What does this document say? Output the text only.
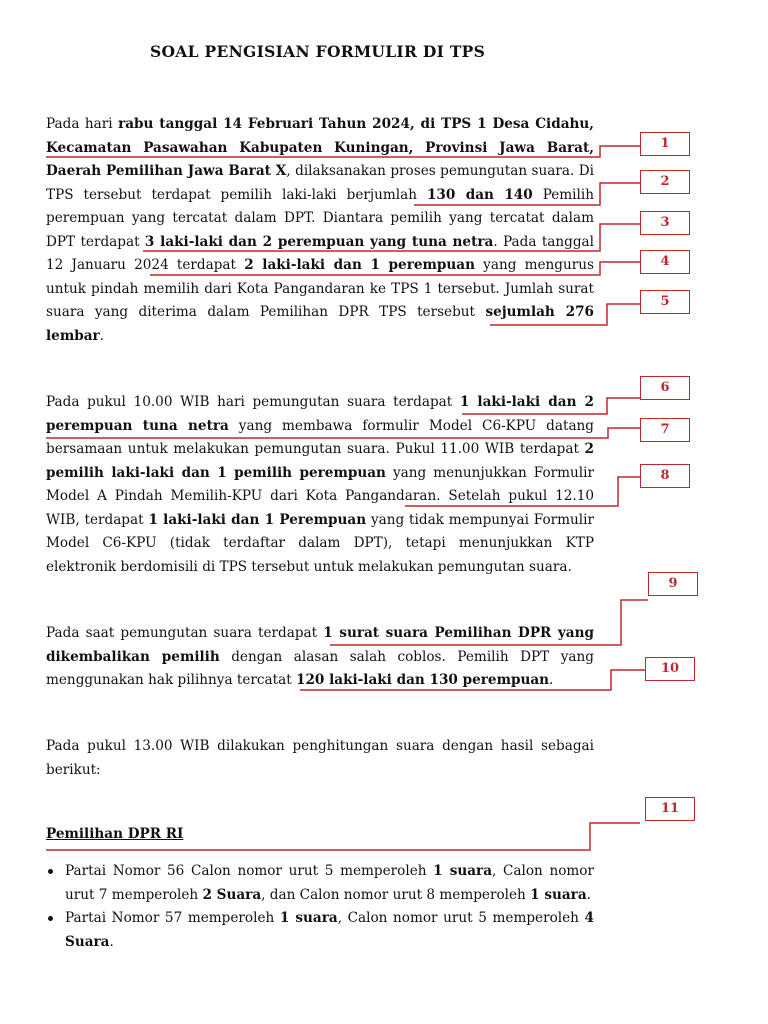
SOAL PENGISIAN FORMULIR DI TPS
Pada hari rabu tanggal 14 Februari Tahun 2024, di TPS 1 Desa Cidahu, Kecamatan Pasawahan Kabupaten Kuningan, Provinsi Jawa Barat, Daerah Pemilihan Jawa Barat X, dilaksanakan proses pemungutan suara. Di TPS tersebut terdapat pemilih laki-laki berjumlah 130 dan 140 Pemilih perempuan yang tercatat dalam DPT. Diantara pemilih yang tercatat dalam DPT terdapat 3 laki-laki dan 2 perempuan yang tuna netra. Pada tanggal 12 Januaru 2024 terdapat 2 laki-laki dan 1 perempuan yang mengurus untuk pindah memilih dari Kota Pangandaran ke TPS 1 tersebut. Jumlah surat suara yang diterima dalam Pemilihan DPR TPS tersebut sejumlah 276 lembar.
Pada pukul 10.00 WIB hari pemungutan suara terdapat 1 laki-laki dan 2 perempuan tuna netra yang membawa formulir Model C6-KPU datang bersamaan untuk melakukan pemungutan suara. Pukul 11.00 WIB terdapat 2 pemilih laki-laki dan 1 pemilih perempuan yang menunjukkan Formulir Model A Pindah Memilih-KPU dari Kota Pangandaran. Setelah pukul 12.10 WIB, terdapat 1 laki-laki dan 1 Perempuan yang tidak mempunyai Formulir Model C6-KPU (tidak terdaftar dalam DPT), tetapi menunjukkan KTP elektronik berdomisili di TPS tersebut untuk melakukan pemungutan suara.
Pada saat pemungutan suara terdapat 1 surat suara Pemilihan DPR yang dikembalikan pemilih dengan alasan salah coblos. Pemilih DPT yang menggunakan hak pilihnya tercatat 120 laki-laki dan 130 perempuan.
Pada pukul 13.00 WIB dilakukan penghitungan suara dengan hasil sebagai berikut:
Pemilihan DPR RI
Partai Nomor 56 Calon nomor urut 5 memperoleh 1 suara, Calon nomor urut 7 memperoleh 2 Suara, dan Calon nomor urut 8 memperoleh 1 suara.
Partai Nomor 57 memperoleh 1 suara, Calon nomor urut 5 memperoleh 4 Suara.
1
2
3
4
5
6
7
8
9
10
11
